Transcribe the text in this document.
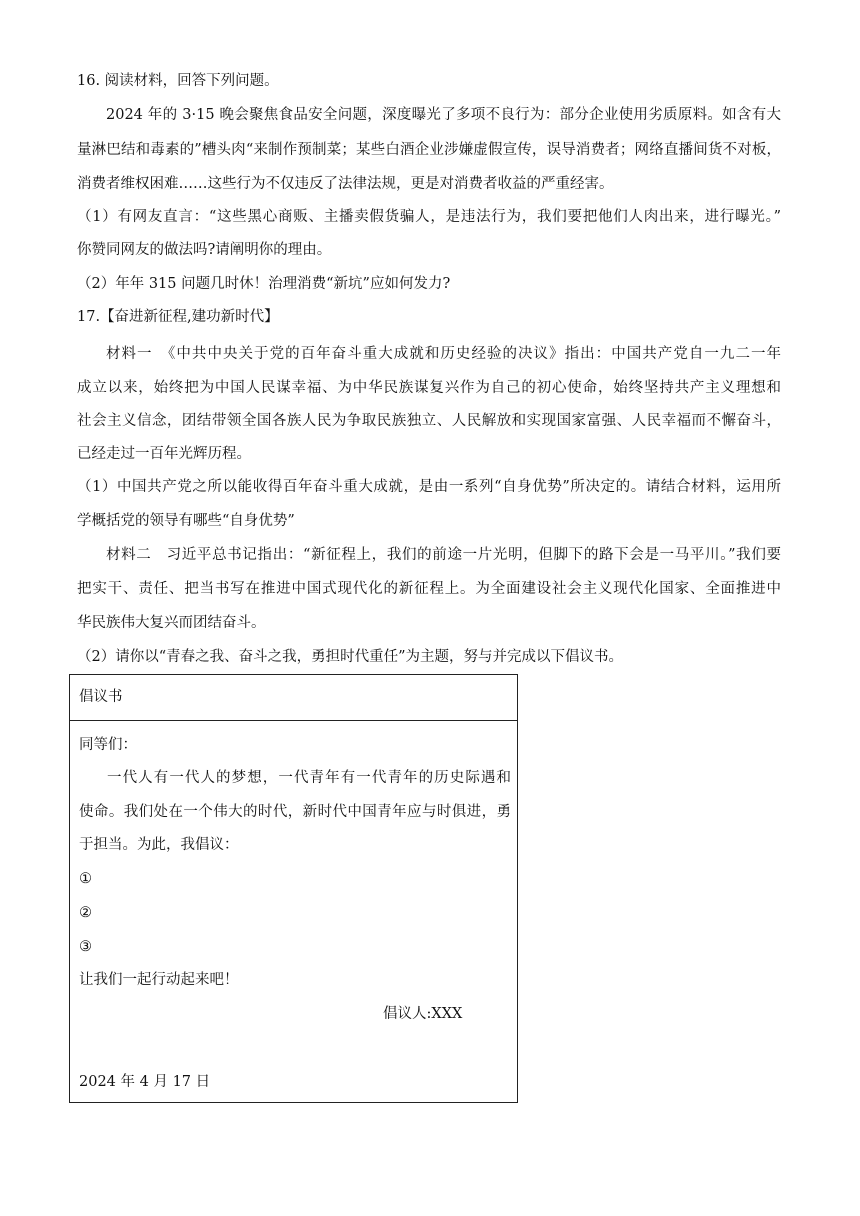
16. 阅读材料，回答下列问题。
2024 年的 3·15 晚会聚焦食品安全问题，深度曝光了多项不良行为：部分企业使用劣质原料。如含有大
量淋巴结和毒素的”槽头肉“来制作预制菜；某些白酒企业涉嫌虚假宣传，误导消费者；网络直播间货不对板，
消费者维权困难……这些行为不仅违反了法律法规，更是对消费者收益的严重经害。
（1）有网友直言：“这些黑心商贩、主播卖假货骗人，是违法行为，我们要把他们人肉出来，进行曝光。”
你赞同网友的做法吗?请阐明你的理由。
（2）年年 315 问题几时休！治理消费“新坑”应如何发力?
17.【奋进新征程,建功新时代】
材料一　《中共中央关于党的百年奋斗重大成就和历史经验的决议》指出：中国共产党自一九二一年
成立以来，始终把为中国人民谋幸福、为中华民族谋复兴作为自己的初心使命，始终坚持共产主义理想和
社会主义信念，团结带领全国各族人民为争取民族独立、人民解放和实现国家富强、人民幸福而不懈奋斗，
已经走过一百年光辉历程。
（1）中国共产党之所以能收得百年奋斗重大成就，是由一系列“自身优势”所决定的。请结合材料，运用所
学概括党的领导有哪些“自身优势”
材料二　习近平总书记指出：“新征程上，我们的前途一片光明，但脚下的路下会是一马平川。”我们要
把实干、责任、把当书写在推进中国式现代化的新征程上。为全面建设社会主义现代化国家、全面推进中
华民族伟大复兴而团结奋斗。
（2）请你以“青春之我、奋斗之我，勇担时代重任”为主题，努与并完成以下倡议书。
倡议书
同等们：
一代人有一代人的梦想，一代青年有一代青年的历史际遇和
使命。我们处在一个伟大的时代，新时代中国青年应与时俱进，勇
于担当。为此，我倡议：
①
②
③
让我们一起行动起来吧！
倡议人:XXX
2024 年 4 月 17 日
